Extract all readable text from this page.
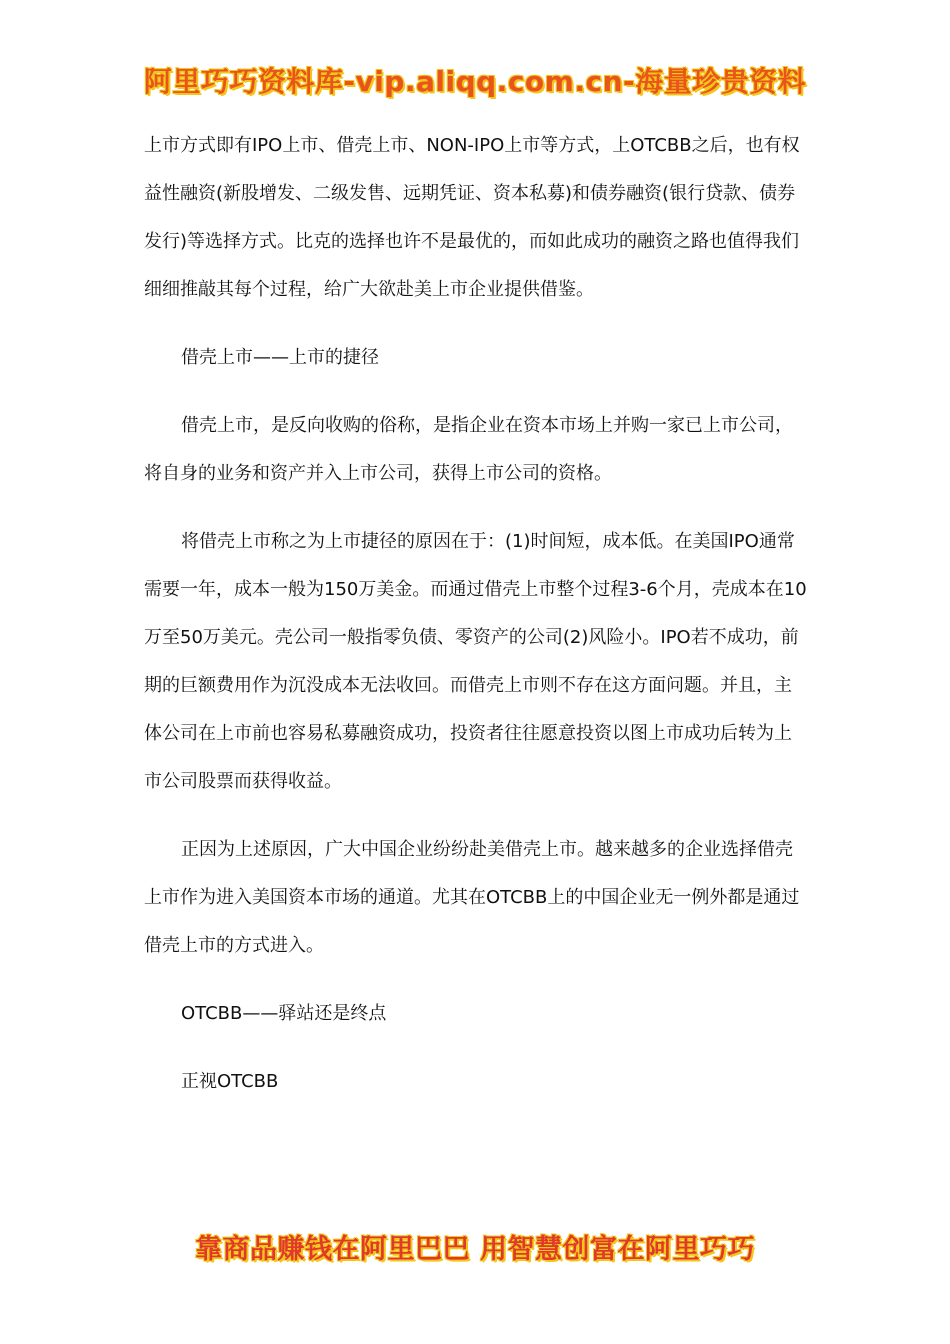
阿里巧巧资料库-vip.aliqq.com.cn-海量珍贵资料

上市方式即有IPO上市、借壳上市、NON-IPO上市等方式，上OTCBB之后，也有权益性融资(新股增发、二级发售、远期凭证、资本私募)和债券融资(银行贷款、债券发行)等选择方式。比克的选择也许不是最优的，而如此成功的融资之路也值得我们细细推敲其每个过程，给广大欲赴美上市企业提供借鉴。

借壳上市——上市的捷径

借壳上市，是反向收购的俗称，是指企业在资本市场上并购一家已上市公司，将自身的业务和资产并入上市公司，获得上市公司的资格。

将借壳上市称之为上市捷径的原因在于：(1)时间短，成本低。在美国IPO通常需要一年，成本一般为150万美金。而通过借壳上市整个过程3-6个月，壳成本在10万至50万美元。壳公司一般指零负债、零资产的公司(2)风险小。IPO若不成功，前期的巨额费用作为沉没成本无法收回。而借壳上市则不存在这方面问题。并且，主体公司在上市前也容易私募融资成功，投资者往往愿意投资以图上市成功后转为上市公司股票而获得收益。

正因为上述原因，广大中国企业纷纷赴美借壳上市。越来越多的企业选择借壳上市作为进入美国资本市场的通道。尤其在OTCBB上的中国企业无一例外都是通过借壳上市的方式进入。

OTCBB——驿站还是终点

正视OTCBB

靠商品赚钱在阿里巴巴 用智慧创富在阿里巧巧
